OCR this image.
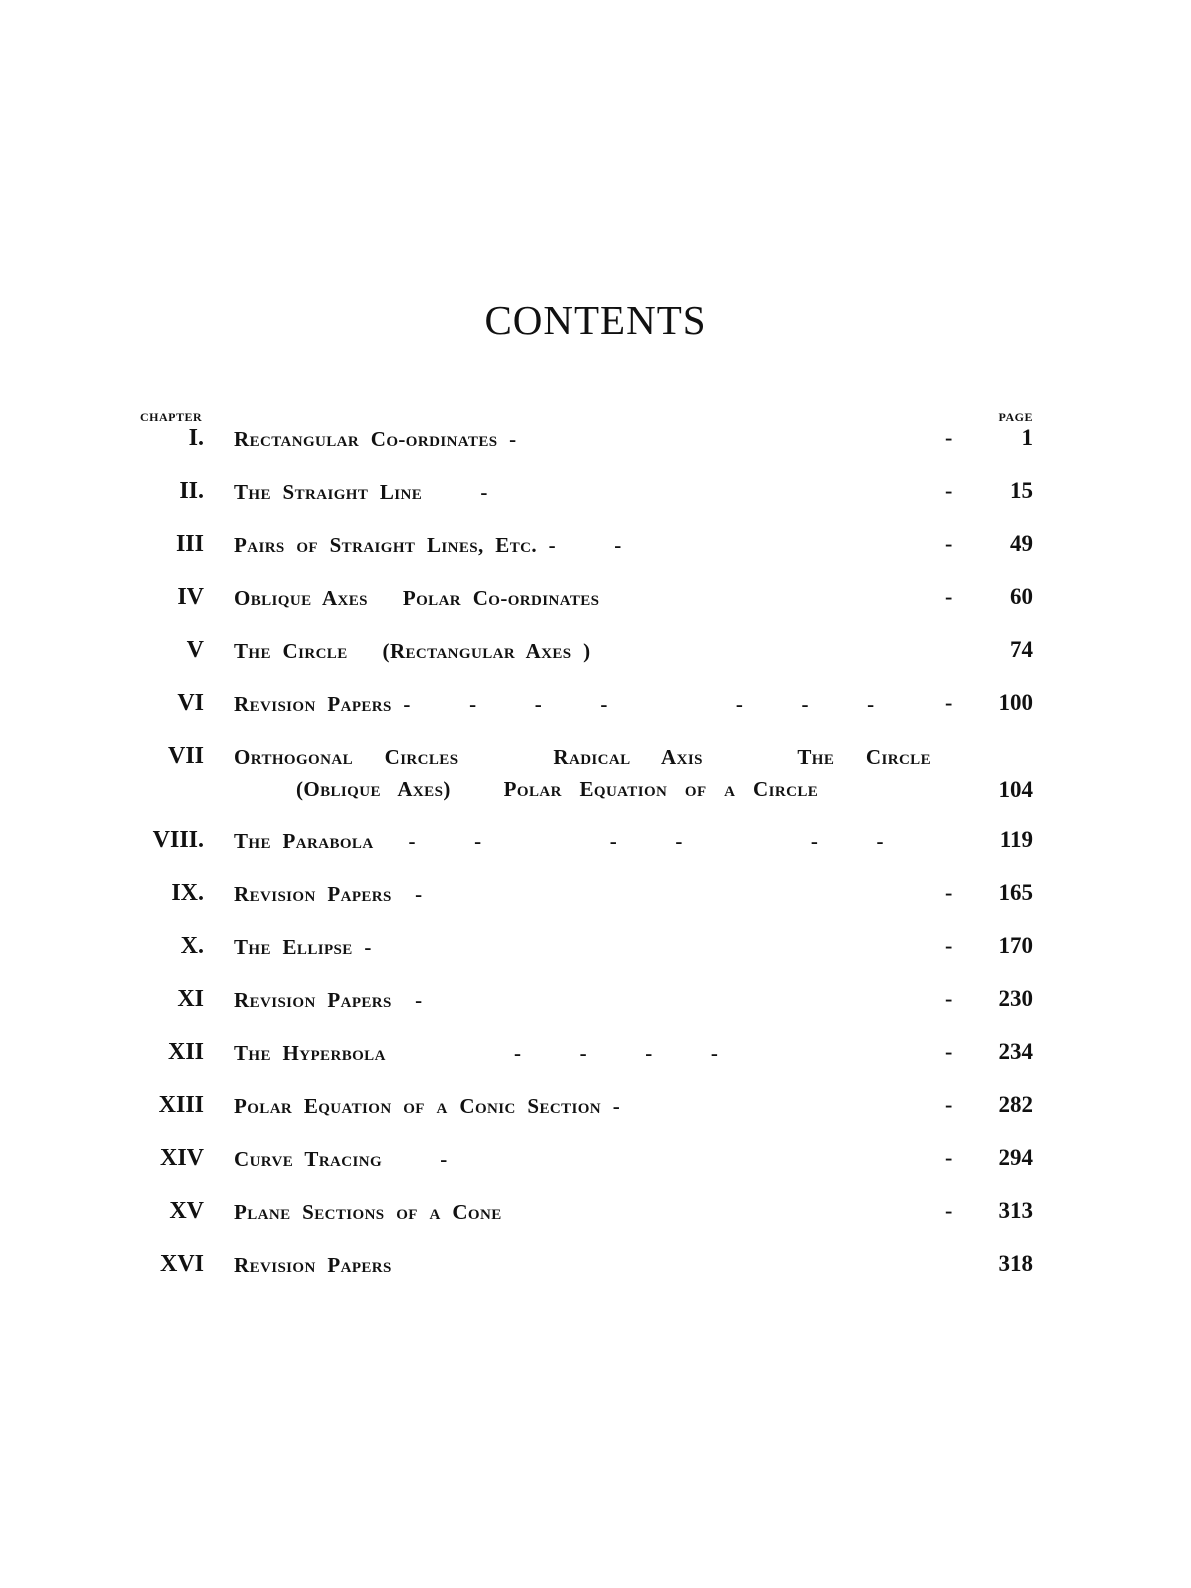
CONTENTS
CHAPTER	PAGE
I. Rectangular Co-ordinates -	-	1
II. The Straight Line     -	-	15
III Pairs of Straight Lines, Etc. -     -	-	49
IV Oblique Axes   Polar Co-ordinates	-	60
V The Circle   (Rectangular Axes )	74
VI Revision Papers -     -     -     -           -     -     -	- 100
VII Orthogonal Circles   Radical Axis   The Circle
(Oblique Axes)   Polar Equation of a Circle	104
VIII. The Parabola   -     -           -     -           -     -	119
IX. Revision Papers  -	- 165
X. The Ellipse -	- 170
XI Revision Papers  -	- 230
XII The Hyperbola           -     -     -     -	- 234
XIII Polar Equation of a Conic Section -	- 282
XIV Curve Tracing     -	- 294
XV Plane Sections of a Cone	- 313
XVI Revision Papers	318
